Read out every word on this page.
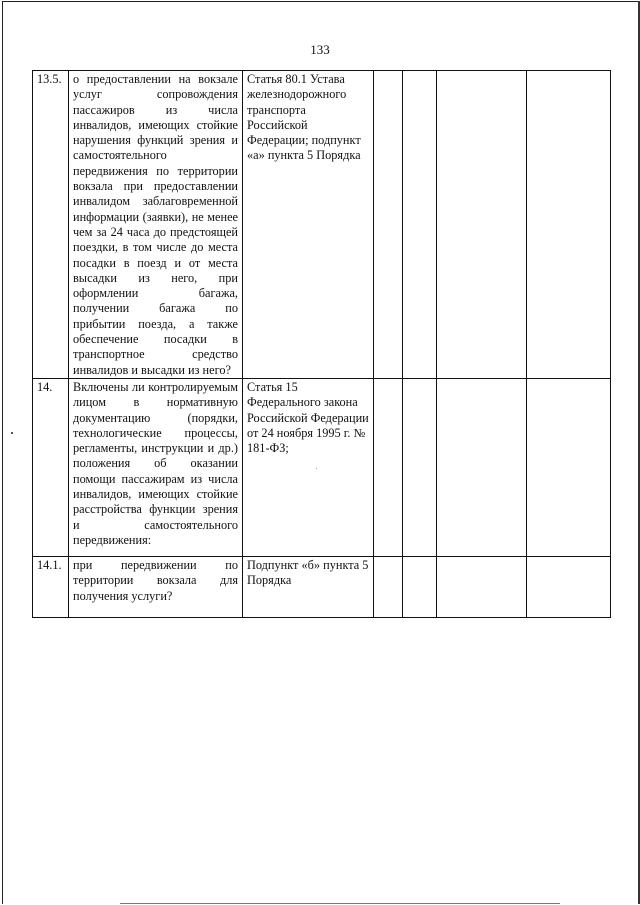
133
13.5.	о предоставлении на вокзале услуг сопровождения пассажиров из числа инвалидов, имеющих стойкие нарушения функций зрения и самостоятельного передвижения по территории вокзала при предоставлении инвалидом заблаговременной информации (заявки), не менее чем за 24 часа до предстоящей поездки, в том числе до места посадки в поезд и от места высадки из него, при оформлении багажа, получении багажа по прибытии поезда, а также обеспечение посадки в транспортное средство инвалидов и высадки из него?	Статья 80.1 Устава железнодорожного транспорта Российской Федерации; подпункт «а» пункта 5 Порядка				
14.	Включены ли контролируемым лицом в нормативную документацию (порядки, технологические процессы, регламенты, инструкции и др.) положения об оказании помощи пассажирам из числа инвалидов, имеющих стойкие расстройства функции зрения и самостоятельного передвижения:	Статья 15 Федерального закона Российской Федерации от 24 ноября 1995 г. № 181-ФЗ;				
14.1.	при передвижении по территории вокзала для получения услуги?	Подпункт «б» пункта 5 Порядка				
